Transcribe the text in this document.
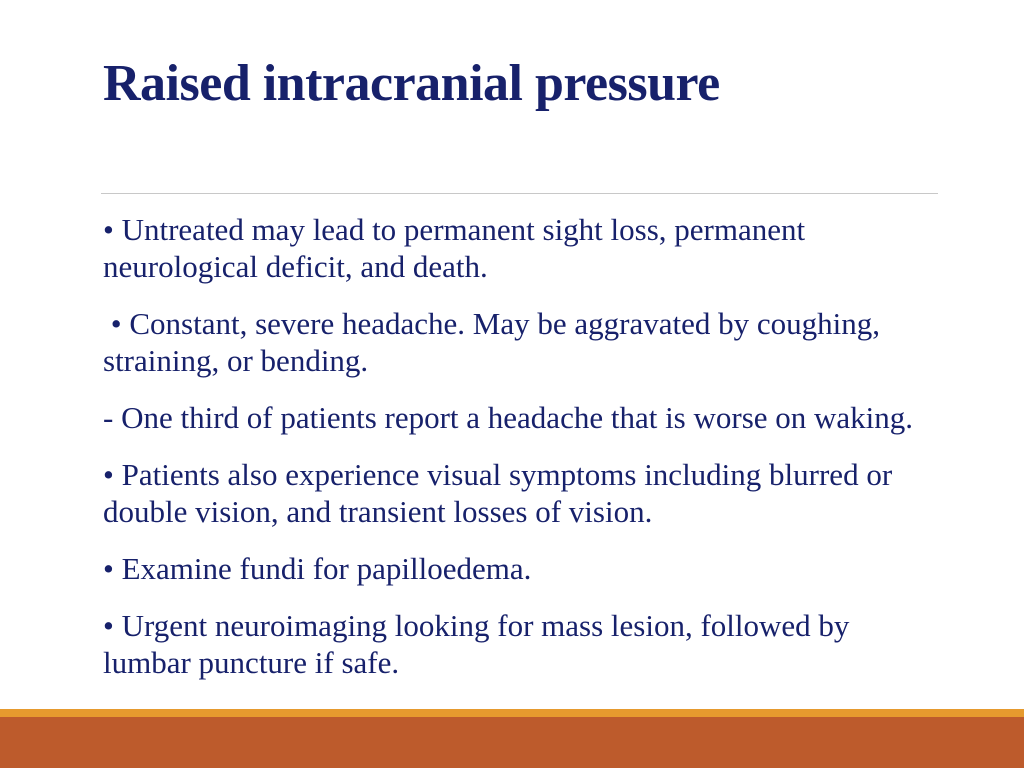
Raised intracranial pressure

• Untreated may lead to permanent sight loss, permanent neurological deficit, and death.

• Constant, severe headache. May be aggravated by coughing, straining, or bending.

- One third of patients report a headache that is worse on waking.

• Patients also experience visual symptoms including blurred or double vision, and transient losses of vision.

• Examine fundi for papilloedema.

• Urgent neuroimaging looking for mass lesion, followed by lumbar puncture if safe.
